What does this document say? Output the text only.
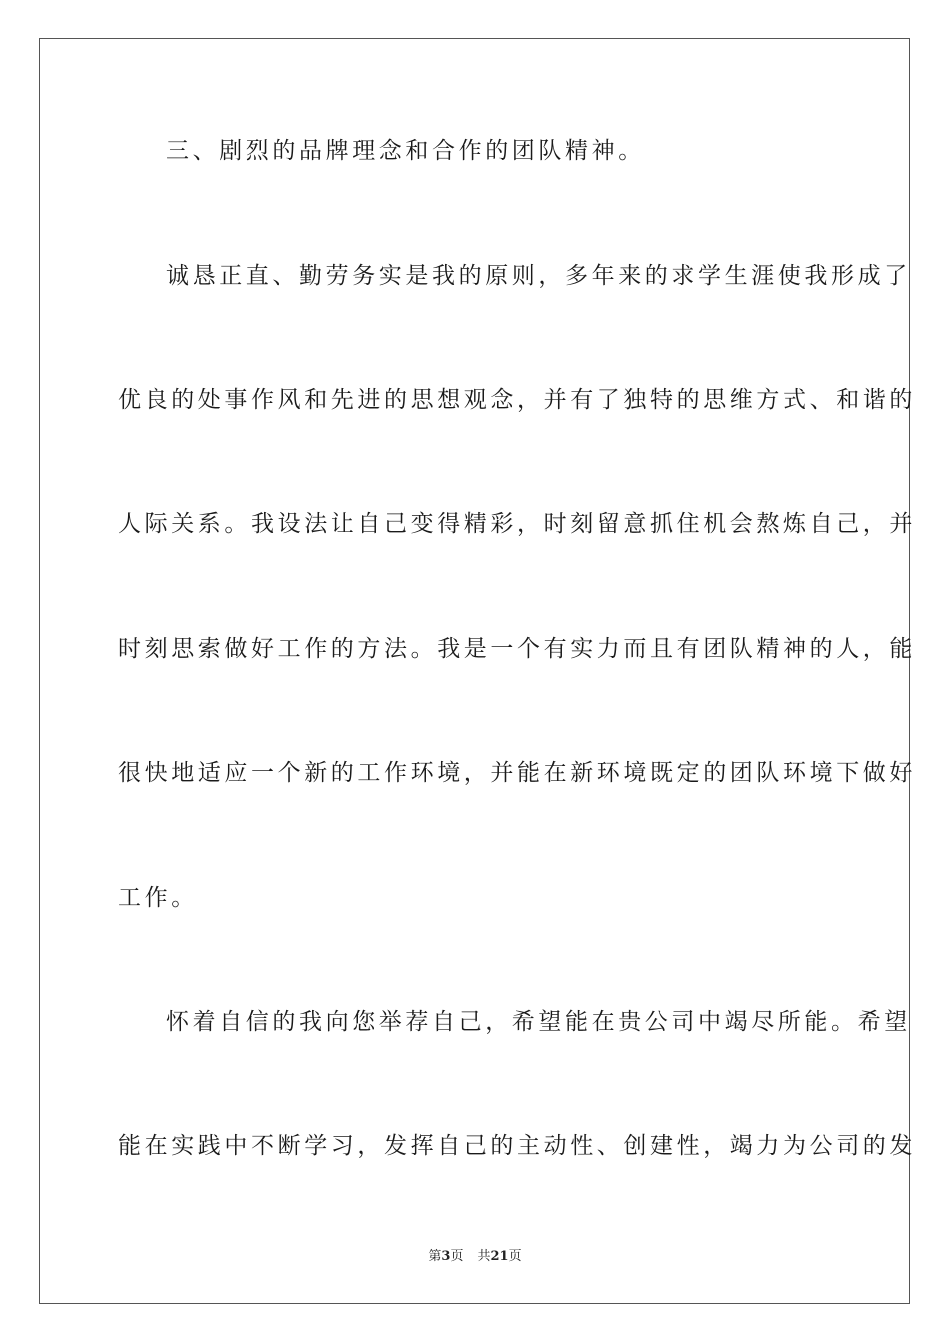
三、剧烈的品牌理念和合作的团队精神。
诚恳正直、勤劳务实是我的原则，多年来的求学生涯使我形成了
优良的处事作风和先进的思想观念，并有了独特的思维方式、和谐的
人际关系。我设法让自己变得精彩，时刻留意抓住机会熬炼自己，并
时刻思索做好工作的方法。我是一个有实力而且有团队精神的人，能
很快地适应一个新的工作环境，并能在新环境既定的团队环境下做好
工作。
怀着自信的我向您举荐自己，希望能在贵公司中竭尽所能。希望
能在实践中不断学习，发挥自己的主动性、创建性，竭力为公司的发
第3页 共21页
